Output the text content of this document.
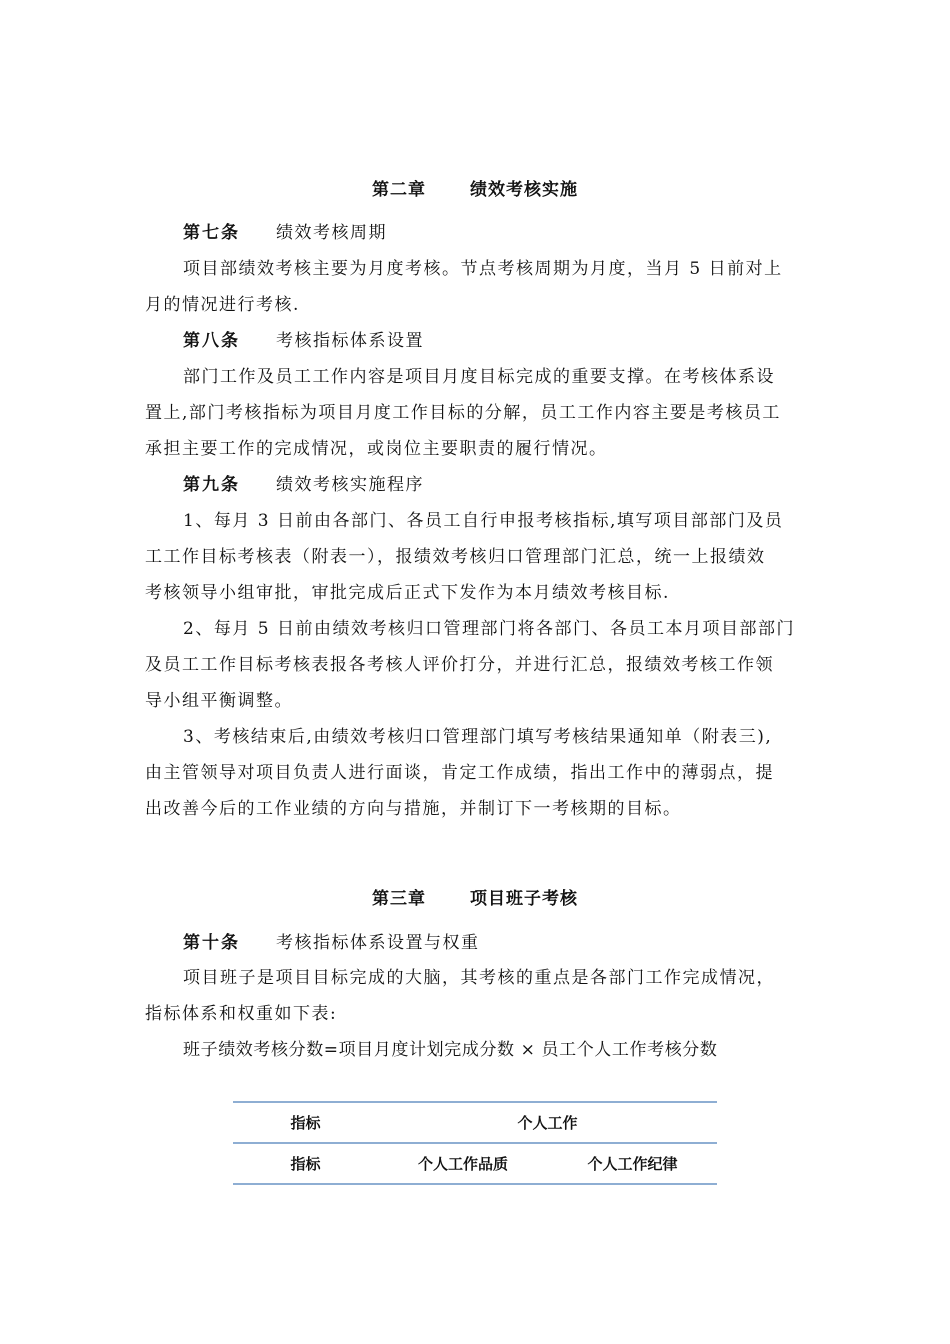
第二章	绩效考核实施
第七条 绩效考核周期
项目部绩效考核主要为月度考核。节点考核周期为月度，当月 5 日前对上
月的情况进行考核.
第八条 考核指标体系设置
部门工作及员工工作内容是项目月度目标完成的重要支撑。在考核体系设
置上,部门考核指标为项目月度工作目标的分解，员工工作内容主要是考核员工
承担主要工作的完成情况，或岗位主要职责的履行情况。
第九条 绩效考核实施程序
1、每月 3 日前由各部门、各员工自行申报考核指标,填写项目部部门及员
工工作目标考核表（附表一），报绩效考核归口管理部门汇总，统一上报绩效
考核领导小组审批，审批完成后正式下发作为本月绩效考核目标.
2、每月 5 日前由绩效考核归口管理部门将各部门、各员工本月项目部部门
及员工工作目标考核表报各考核人评价打分，并进行汇总，报绩效考核工作领
导小组平衡调整。
3、考核结束后,由绩效考核归口管理部门填写考核结果通知单（附表三),
由主管领导对项目负责人进行面谈，肯定工作成绩，指出工作中的薄弱点，提
出改善今后的工作业绩的方向与措施，并制订下一考核期的目标。
第三章	项目班子考核
第十条 考核指标体系设置与权重
项目班子是项目目标完成的大脑，其考核的重点是各部门工作完成情况，
指标体系和权重如下表:
班子绩效考核分数=项目月度计划完成分数 × 员工个人工作考核分数
指标	个人工作	
指标	个人工作品质	个人工作纪律
